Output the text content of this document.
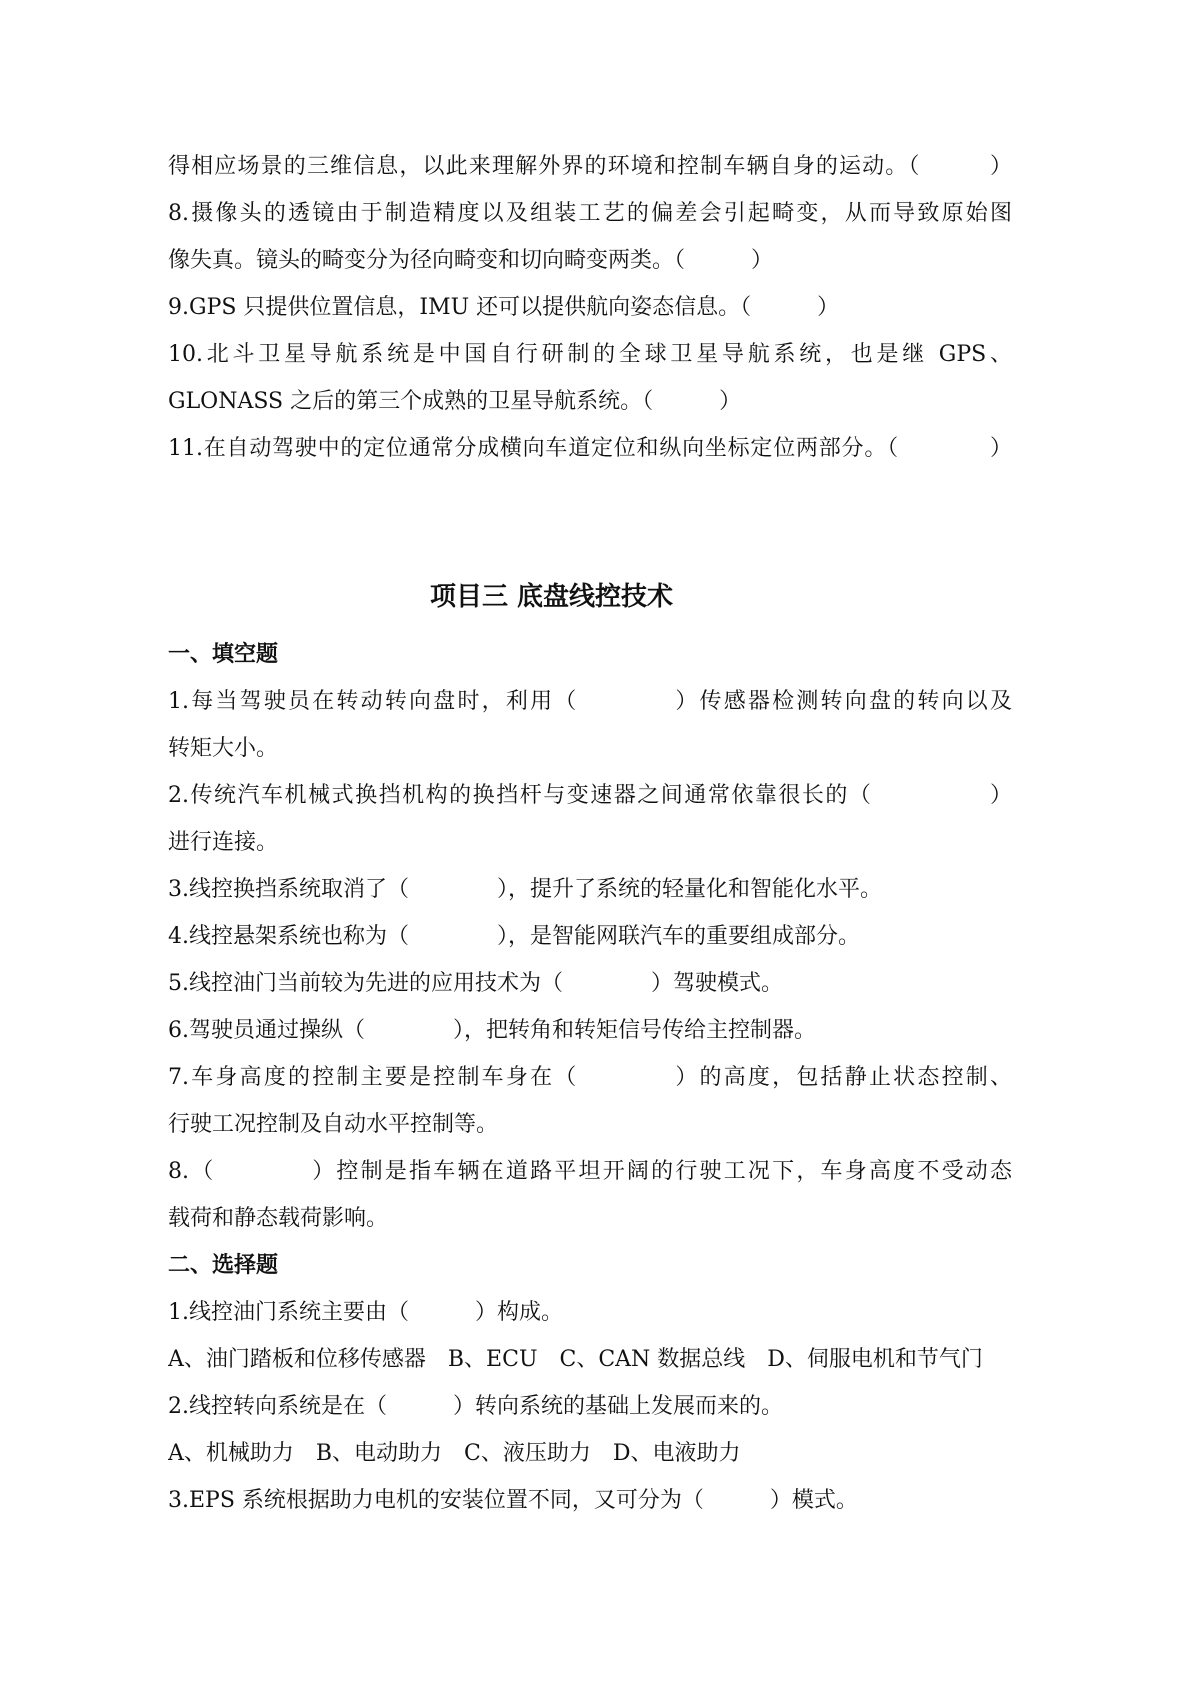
得相应场景的三维信息，以此来理解外界的环境和控制车辆自身的运动。（　　　）
8.摄像头的透镜由于制造精度以及组装工艺的偏差会引起畸变，从而导致原始图
像失真。镜头的畸变分为径向畸变和切向畸变两类。（　　　）
9.GPS 只提供位置信息，IMU 还可以提供航向姿态信息。（　　　）
10.北斗卫星导航系统是中国自行研制的全球卫星导航系统，也是继 GPS、
GLONASS 之后的第三个成熟的卫星导航系统。（　　　）
11.在自动驾驶中的定位通常分成横向车道定位和纵向坐标定位两部分。（　　　　）
项目三 底盘线控技术
一、填空题
1.每当驾驶员在转动转向盘时，利用（　　　　）传感器检测转向盘的转向以及
转矩大小。
2.传统汽车机械式换挡机构的换挡杆与变速器之间通常依靠很长的（　　　　　）
进行连接。
3.线控换挡系统取消了（　　　　），提升了系统的轻量化和智能化水平。
4.线控悬架系统也称为（　　　　），是智能网联汽车的重要组成部分。
5.线控油门当前较为先进的应用技术为（　　　　）驾驶模式。
6.驾驶员通过操纵（　　　　），把转角和转矩信号传给主控制器。
7.车身高度的控制主要是控制车身在（　　　　）的高度，包括静止状态控制、
行驶工况控制及自动水平控制等。
8.（　　　　）控制是指车辆在道路平坦开阔的行驶工况下，车身高度不受动态
载荷和静态载荷影响。
二、选择题
1.线控油门系统主要由（　　　）构成。
A、油门踏板和位移传感器　B、ECU　C、CAN 数据总线　D、伺服电机和节气门
2.线控转向系统是在（　　　）转向系统的基础上发展而来的。
A、机械助力　B、电动助力　C、液压助力　D、电液助力
3.EPS 系统根据助力电机的安装位置不同，又可分为（　　　）模式。
